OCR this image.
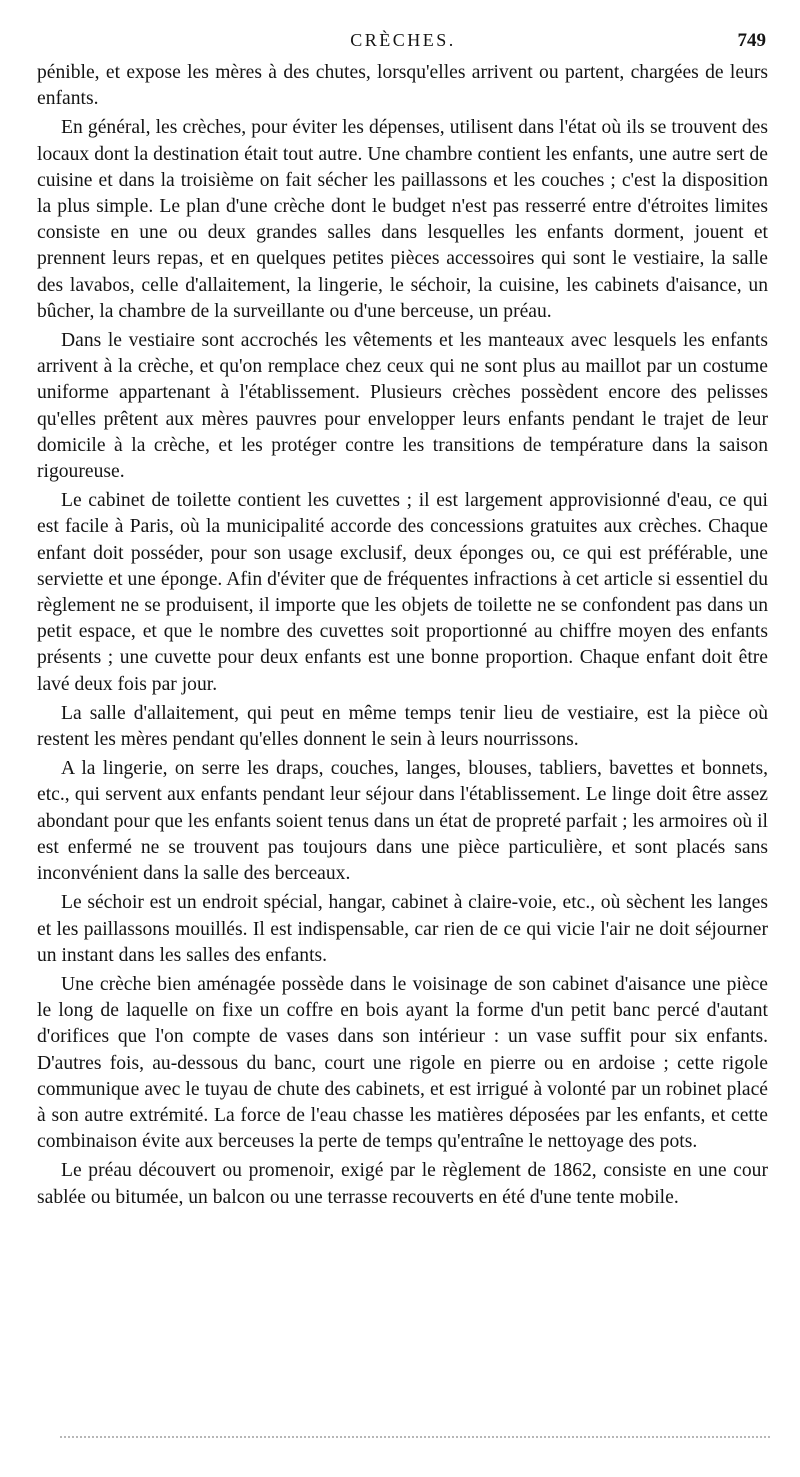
CRÈCHES.	749

pénible, et expose les mères à des chutes, lorsqu'elles arrivent ou partent, chargées de leurs enfants.

En général, les crèches, pour éviter les dépenses, utilisent dans l'état où ils se trouvent des locaux dont la destination était tout autre. Une chambre contient les enfants, une autre sert de cuisine et dans la troisième on fait sécher les paillassons et les couches ; c'est la disposition la plus simple. Le plan d'une crèche dont le budget n'est pas resserré entre d'étroites limites consiste en une ou deux grandes salles dans lesquelles les enfants dorment, jouent et prennent leurs repas, et en quelques petites pièces accessoires qui sont le vestiaire, la salle des lavabos, celle d'allaitement, la lingerie, le séchoir, la cuisine, les cabinets d'aisance, un bûcher, la chambre de la surveillante ou d'une berceuse, un préau.

Dans le vestiaire sont accrochés les vêtements et les manteaux avec lesquels les enfants arrivent à la crèche, et qu'on remplace chez ceux qui ne sont plus au maillot par un costume uniforme appartenant à l'établissement. Plusieurs crèches possèdent encore des pelisses qu'elles prêtent aux mères pauvres pour envelopper leurs enfants pendant le trajet de leur domicile à la crèche, et les protéger contre les transitions de température dans la saison rigoureuse.

Le cabinet de toilette contient les cuvettes ; il est largement approvisionné d'eau, ce qui est facile à Paris, où la municipalité accorde des concessions gratuites aux crèches. Chaque enfant doit posséder, pour son usage exclusif, deux éponges ou, ce qui est préférable, une serviette et une éponge. Afin d'éviter que de fréquentes infractions à cet article si essentiel du règlement ne se produisent, il importe que les objets de toilette ne se confondent pas dans un petit espace, et que le nombre des cuvettes soit proportionné au chiffre moyen des enfants présents ; une cuvette pour deux enfants est une bonne proportion. Chaque enfant doit être lavé deux fois par jour.

La salle d'allaitement, qui peut en même temps tenir lieu de vestiaire, est la pièce où restent les mères pendant qu'elles donnent le sein à leurs nourrissons.

A la lingerie, on serre les draps, couches, langes, blouses, tabliers, bavettes et bonnets, etc., qui servent aux enfants pendant leur séjour dans l'établissement. Le linge doit être assez abondant pour que les enfants soient tenus dans un état de propreté parfait ; les armoires où il est enfermé ne se trouvent pas toujours dans une pièce particulière, et sont placés sans inconvénient dans la salle des berceaux.

Le séchoir est un endroit spécial, hangar, cabinet à claire-voie, etc., où sèchent les langes et les paillassons mouillés. Il est indispensable, car rien de ce qui vicie l'air ne doit séjourner un instant dans les salles des enfants.

Une crèche bien aménagée possède dans le voisinage de son cabinet d'aisance une pièce le long de laquelle on fixe un coffre en bois ayant la forme d'un petit banc percé d'autant d'orifices que l'on compte de vases dans son intérieur : un vase suffit pour six enfants. D'autres fois, au-dessous du banc, court une rigole en pierre ou en ardoise ; cette rigole communique avec le tuyau de chute des cabinets, et est irrigué à volonté par un robinet placé à son autre extrémité. La force de l'eau chasse les matières déposées par les enfants, et cette combinaison évite aux berceuses la perte de temps qu'entraîne le nettoyage des pots.

Le préau découvert ou promenoir, exigé par le règlement de 1862, consiste en une cour sablée ou bitumée, un balcon ou une terrasse recouverts en été d'une tente mobile.
